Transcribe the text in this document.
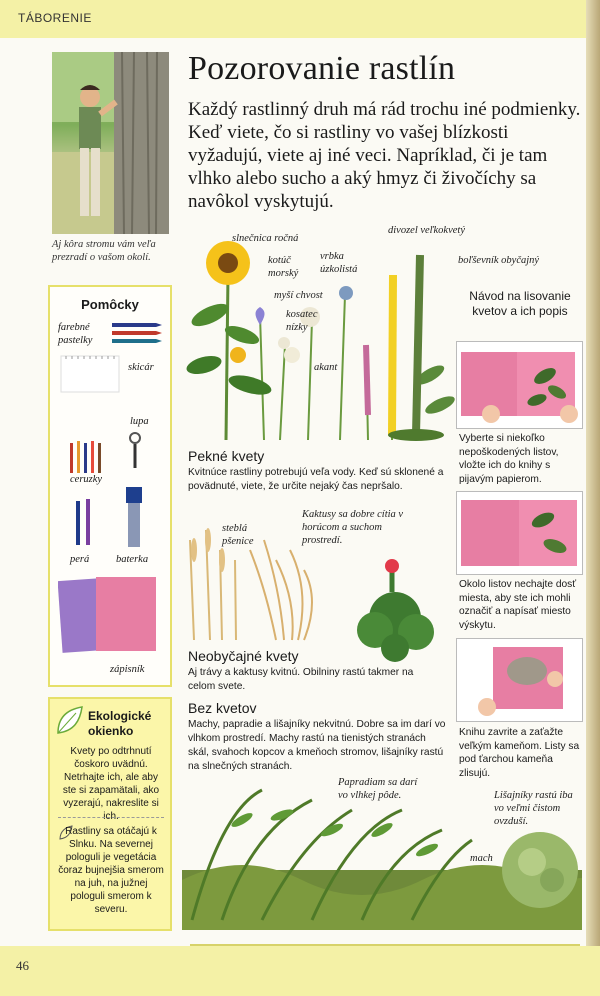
TÁBORENIE
Pozorovanie rastlín

Každý rastlinný druh má rád trochu iné podmienky. Keď viete, čo si rastliny vo vašej blízkosti vyžadujú, viete aj iné veci. Napríklad, či je tam vlhko alebo sucho a aký hmyz či živočíchy sa navôkol vyskytujú.

Aj kôra stromu vám veľa prezradí o vašom okolí.
Pomôcky
farebné pastelky
skicár
lupa
ceruzky
perá	baterka
zápisník
Ekologické okienko
Kvety po odtrhnutí čoskoro uvädnú. Netrhajte ich, ale aby ste si zapamätali, ako vyzerajú, nakreslite si ich.
Rastliny sa otáčajú k Slnku. Na severnej pologuli je vegetácia čoraz bujnejšia smerom na juh, na južnej pologuli smerom k severu.
slnečnica ročná
kotúč morský
vrbka úzkolistá
divozel veľkokvetý
boľševník obyčajný
myší chvost
kosatec nízky
akant
Pekné kvety
Kvitnúce rastliny potrebujú veľa vody. Keď sú sklonené a povädnuté, viete, že určite nejaký čas nepršalo.
steblá pšenice
Kaktusy sa dobre cítia v horúcom a suchom prostredí.
Neobyčajné kvety
Aj trávy a kaktusy kvitnú. Obilniny rastú takmer na celom svete.
Bez kvetov
Machy, papradie a lišajníky nekvitnú. Dobre sa im darí vo vlhkom prostredí. Machy rastú na tienistých stranách skál, svahoch kopcov a kmeňoch stromov, lišajníky rastú na slnečných stranách.
Papradiam sa darí vo vlhkej pôde.	Lišajníky rastú iba vo veľmi čistom ovzduší.
mach
Návod na lisovanie kvetov a ich popis
Vyberte si niekoľko nepoškodených listov, vložte ich do knihy s pijavým papierom.
Okolo listov nechajte dosť miesta, aby ste ich mohli označiť a napísať miesto výskytu.
Knihu zavrite a zaťažte veľkým kameňom. Listy sa pod ťarchou kameňa zlisujú.
46
